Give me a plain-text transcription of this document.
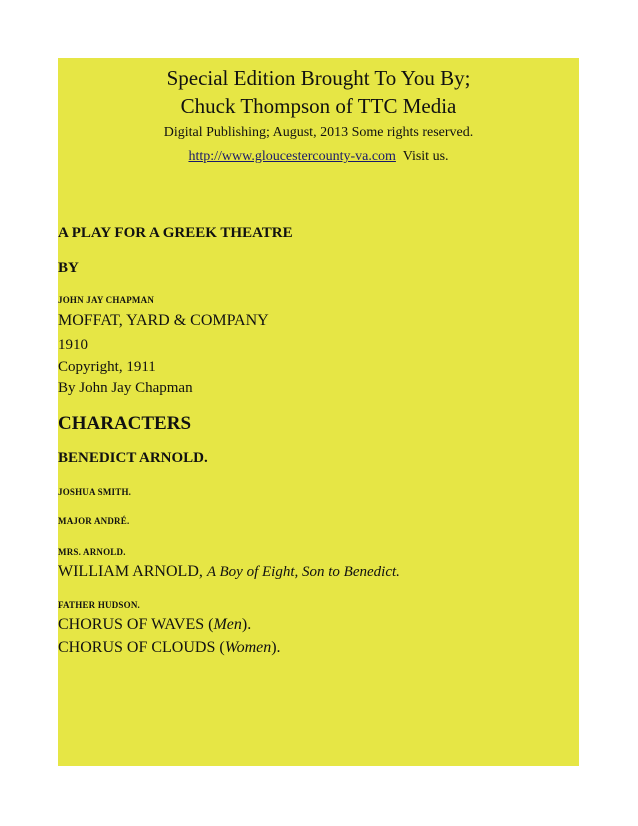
Special Edition Brought To You By;
Chuck Thompson of TTC Media
Digital Publishing; August, 2013 Some rights reserved.
http://www.gloucestercounty-va.com Visit us.
A PLAY FOR A GREEK THEATRE
BY
JOHN JAY CHAPMAN
MOFFAT, YARD & COMPANY
1910
Copyright, 1911
By John Jay Chapman
CHARACTERS
BENEDICT ARNOLD.
JOSHUA SMITH.
MAJOR ANDRÉ.
MRS. ARNOLD.
WILLIAM ARNOLD, A Boy of Eight, Son to Benedict.
FATHER HUDSON.
CHORUS OF WAVES (Men).
CHORUS OF CLOUDS (Women).
